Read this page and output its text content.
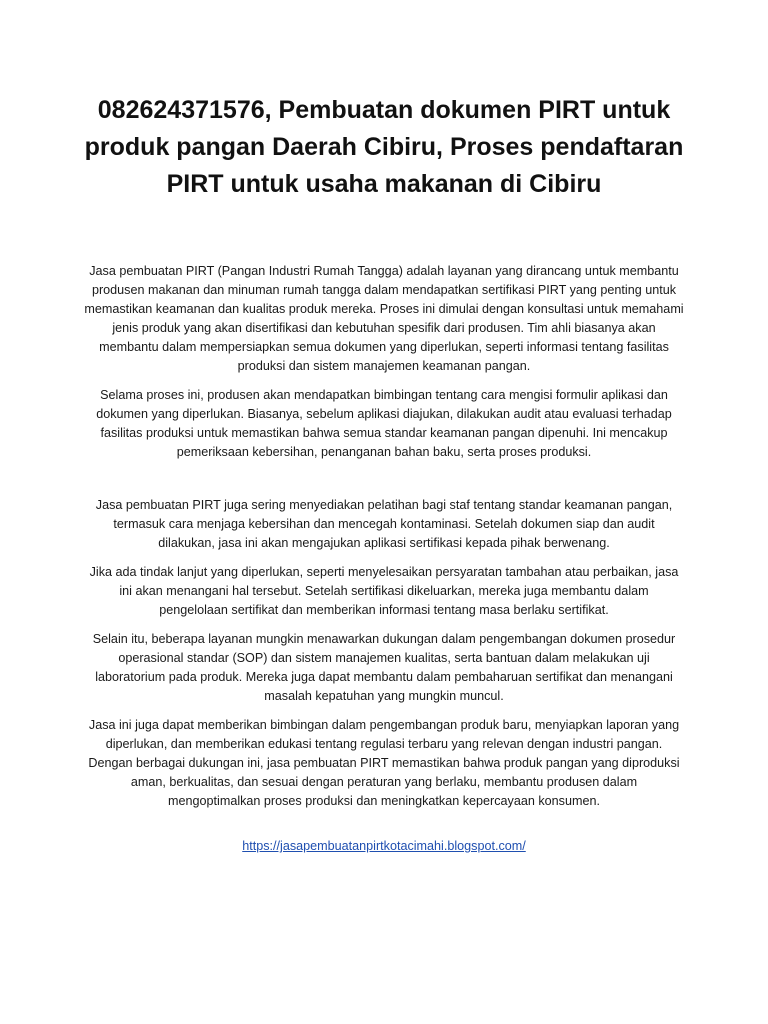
082624371576, Pembuatan dokumen PIRT untuk produk pangan Daerah Cibiru, Proses pendaftaran PIRT untuk usaha makanan di Cibiru

Jasa pembuatan PIRT (Pangan Industri Rumah Tangga) adalah layanan yang dirancang untuk membantu produsen makanan dan minuman rumah tangga dalam mendapatkan sertifikasi PIRT yang penting untuk memastikan keamanan dan kualitas produk mereka. Proses ini dimulai dengan konsultasi untuk memahami jenis produk yang akan disertifikasi dan kebutuhan spesifik dari produsen. Tim ahli biasanya akan membantu dalam mempersiapkan semua dokumen yang diperlukan, seperti informasi tentang fasilitas produksi dan sistem manajemen keamanan pangan.

Selama proses ini, produsen akan mendapatkan bimbingan tentang cara mengisi formulir aplikasi dan dokumen yang diperlukan. Biasanya, sebelum aplikasi diajukan, dilakukan audit atau evaluasi terhadap fasilitas produksi untuk memastikan bahwa semua standar keamanan pangan dipenuhi. Ini mencakup pemeriksaan kebersihan, penanganan bahan baku, serta proses produksi.

Jasa pembuatan PIRT juga sering menyediakan pelatihan bagi staf tentang standar keamanan pangan, termasuk cara menjaga kebersihan dan mencegah kontaminasi. Setelah dokumen siap dan audit dilakukan, jasa ini akan mengajukan aplikasi sertifikasi kepada pihak berwenang.

Jika ada tindak lanjut yang diperlukan, seperti menyelesaikan persyaratan tambahan atau perbaikan, jasa ini akan menangani hal tersebut. Setelah sertifikasi dikeluarkan, mereka juga membantu dalam pengelolaan sertifikat dan memberikan informasi tentang masa berlaku sertifikat.

Selain itu, beberapa layanan mungkin menawarkan dukungan dalam pengembangan dokumen prosedur operasional standar (SOP) dan sistem manajemen kualitas, serta bantuan dalam melakukan uji laboratorium pada produk. Mereka juga dapat membantu dalam pembaharuan sertifikat dan menangani masalah kepatuhan yang mungkin muncul.

Jasa ini juga dapat memberikan bimbingan dalam pengembangan produk baru, menyiapkan laporan yang diperlukan, dan memberikan edukasi tentang regulasi terbaru yang relevan dengan industri pangan. Dengan berbagai dukungan ini, jasa pembuatan PIRT memastikan bahwa produk pangan yang diproduksi aman, berkualitas, dan sesuai dengan peraturan yang berlaku, membantu produsen dalam mengoptimalkan proses produksi dan meningkatkan kepercayaan konsumen.

https://jasapembuatanpirtkotacimahi.blogspot.com/
